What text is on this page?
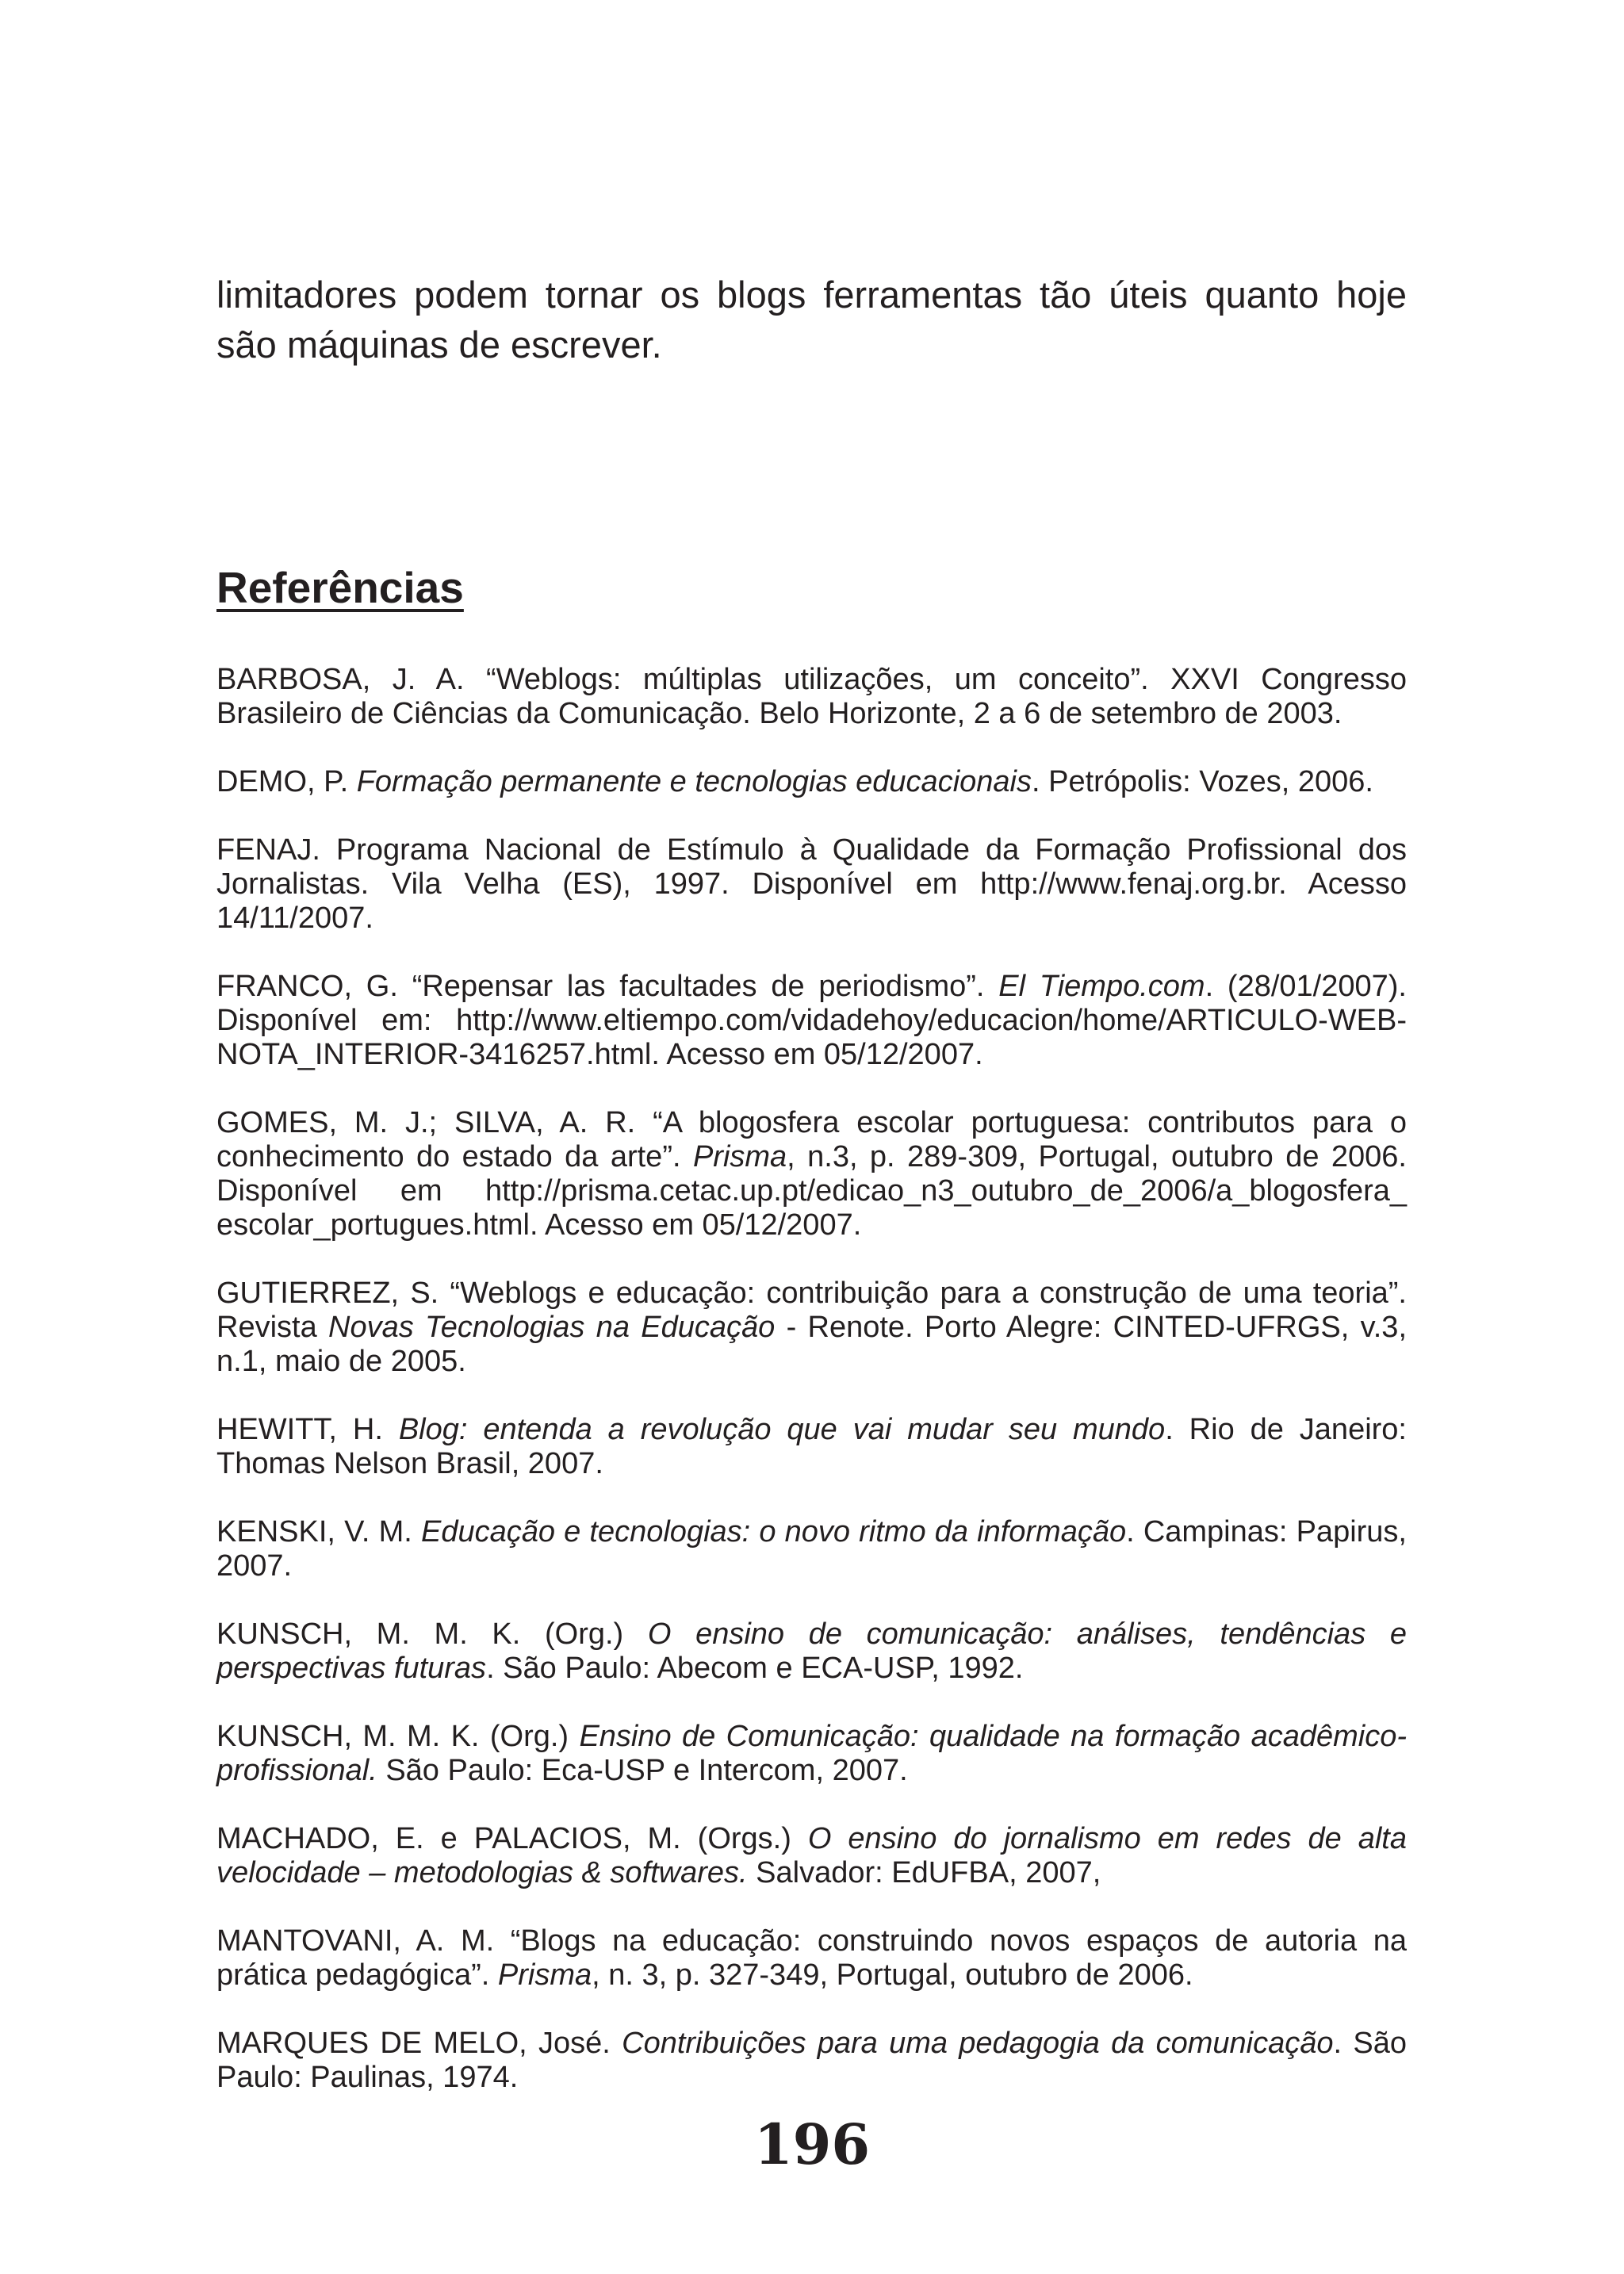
limitadores podem tornar os blogs ferramentas tão úteis quanto hoje são máquinas de escrever.

Referências

BARBOSA, J. A. “Weblogs: múltiplas utilizações, um conceito”. XXVI Congresso Brasileiro de Ciências da Comunicação. Belo Horizonte, 2 a 6 de setembro de 2003.

DEMO, P. Formação permanente e tecnologias educacionais. Petrópolis: Vozes, 2006.

FENAJ. Programa Nacional de Estímulo à Qualidade da Formação Profissional dos Jornalistas. Vila Velha (ES), 1997. Disponível em http://www.fenaj.org.br. Acesso 14/11/2007.

FRANCO, G. “Repensar las facultades de periodismo”. El Tiempo.com. (28/01/2007). Disponível em: http://www.eltiempo.com/vidadehoy/educacion/home/ARTICULO-WEB-NOTA_INTERIOR-3416257.html. Acesso em 05/12/2007.

GOMES, M. J.; SILVA, A. R. “A blogosfera escolar portuguesa: contributos para o conhecimento do estado da arte”. Prisma, n.3, p. 289-309, Portugal, outubro de 2006. Disponível em http://prisma.cetac.up.pt/edicao_n3_outubro_de_2006/a_blogosfera_ escolar_portugues.html. Acesso em 05/12/2007.

GUTIERREZ, S. “Weblogs e educação: contribuição para a construção de uma teoria”. Revista Novas Tecnologias na Educação - Renote. Porto Alegre: CINTED-UFRGS, v.3, n.1, maio de 2005.

HEWITT, H. Blog: entenda a revolução que vai mudar seu mundo. Rio de Janeiro: Thomas Nelson Brasil, 2007.

KENSKI, V. M. Educação e tecnologias: o novo ritmo da informação. Campinas: Papirus, 2007.

KUNSCH, M. M. K. (Org.) O ensino de comunicação: análises, tendências e perspectivas futuras. São Paulo: Abecom e ECA-USP, 1992.

KUNSCH, M. M. K. (Org.) Ensino de Comunicação: qualidade na formação acadêmico-profissional. São Paulo: Eca-USP e Intercom, 2007.

MACHADO, E. e PALACIOS, M. (Orgs.) O ensino do jornalismo em redes de alta velocidade – metodologias & softwares. Salvador: EdUFBA, 2007,

MANTOVANI, A. M. “Blogs na educação: construindo novos espaços de autoria na prática pedagógica”. Prisma, n. 3, p. 327-349, Portugal, outubro de 2006.

MARQUES DE MELO, José. Contribuições para uma pedagogia da comunicação. São Paulo: Paulinas, 1974.

196
